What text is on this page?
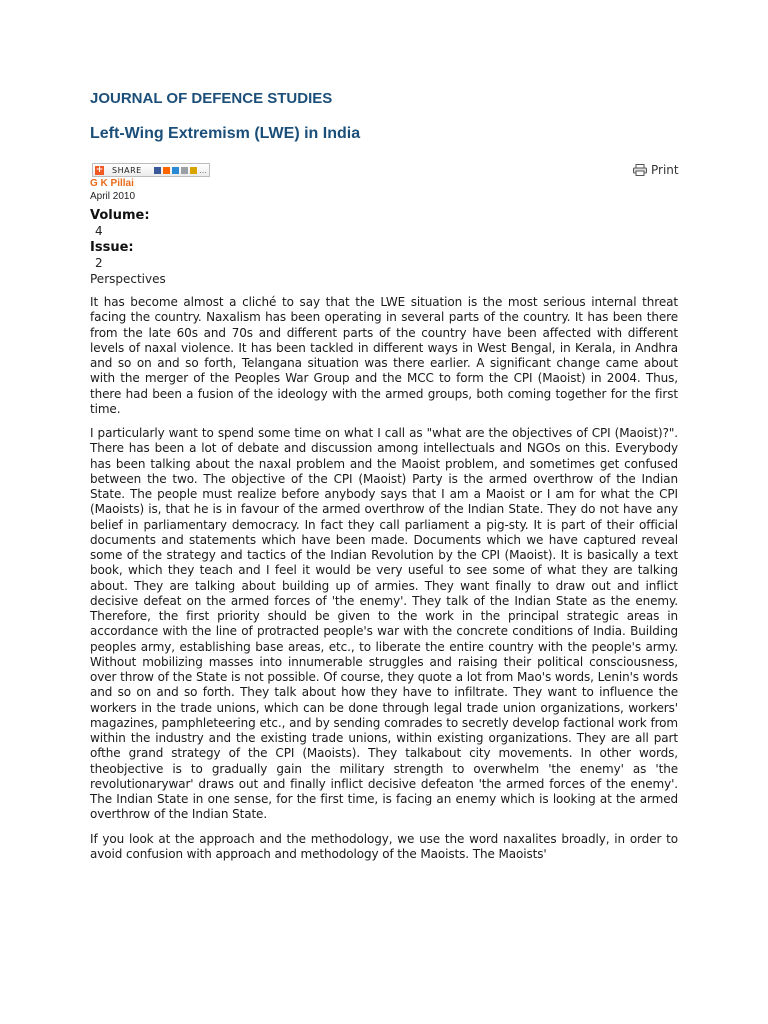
JOURNAL OF DEFENCE STUDIES
Left-Wing Extremism (LWE) in India
+ SHARE	…	Print
G K Pillai
April 2010
Volume:
4
Issue:
2
Perspectives

It has become almost a cliché to say that the LWE situation is the most serious internal threat facing the country. Naxalism has been operating in several parts of the country. It has been there from the late 60s and 70s and different parts of the country have been affected with different levels of naxal violence. It has been tackled in different ways in West Bengal, in Kerala, in Andhra and so on and so forth, Telangana situation was there earlier. A significant change came about with the merger of the Peoples War Group and the MCC to form the CPI (Maoist) in 2004. Thus, there had been a fusion of the ideology with the armed groups, both coming together for the first time.

I particularly want to spend some time on what I call as "what are the objectives of CPI (Maoist)?". There has been a lot of debate and discussion among intellectuals and NGOs on this. Everybody has been talking about the naxal problem and the Maoist problem, and sometimes get confused between the two. The objective of the CPI (Maoist) Party is the armed overthrow of the Indian State. The people must realize before anybody says that I am a Maoist or I am for what the CPI (Maoists) is, that he is in favour of the armed overthrow of the Indian State. They do not have any belief in parliamentary democracy. In fact they call parliament a pig-sty. It is part of their official documents and statements which have been made. Documents which we have captured reveal some of the strategy and tactics of the Indian Revolution by the CPI (Maoist). It is basically a text book, which they teach and I feel it would be very useful to see some of what they are talking about. They are talking about building up of armies. They want finally to draw out and inflict decisive defeat on the armed forces of 'the enemy'. They talk of the Indian State as the enemy. Therefore, the first priority should be given to the work in the principal strategic areas in accordance with the line of protracted people's war with the concrete conditions of India. Building peoples army, establishing base areas, etc., to liberate the entire country with the people's army. Without mobilizing masses into innumerable struggles and raising their political consciousness, over throw of the State is not possible. Of course, they quote a lot from Mao's words, Lenin's words and so on and so forth. They talk about how they have to infiltrate. They want to influence the workers in the trade unions, which can be done through legal trade union organizations, workers' magazines, pamphleteering etc., and by sending comrades to secretly develop factional work from within the industry and the existing trade unions, within existing organizations. They are all part ofthe grand strategy of the CPI (Maoists). They talkabout city movements. In other words, theobjective is to gradually gain the military strength to overwhelm 'the enemy' as 'the revolutionarywar' draws out and finally inflict decisive defeaton 'the armed forces of the enemy'. The Indian State in one sense, for the first time, is facing an enemy which is looking at the armed overthrow of the Indian State.

If you look at the approach and the methodology, we use the word naxalites broadly, in order to avoid confusion with approach and methodology of the Maoists. The Maoists'
